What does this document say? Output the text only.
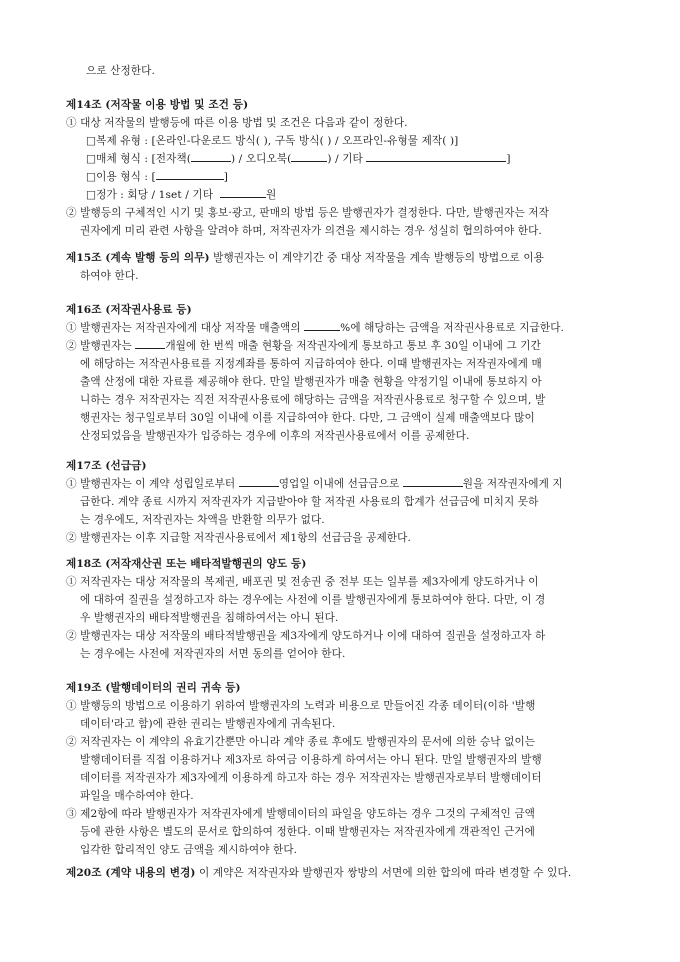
으로 산정한다.
제14조 (저작물 이용 방법 및 조건 등)
① 대상 저작물의 발행등에 따른 이용 방법 및 조건은 다음과 같이 정한다.
□복제 유형 : [온라인-다운로드 방식( ), 구독 방식( ) / 오프라인-유형물 제작( )]
□매체 형식 : [전자책(	) / 오디오북(	) / 기타	]
□이용 형식 : [	]
□정가 : 회당 / 1set / 기타	원
② 발행등의 구체적인 시기 및 홍보·광고, 판매의 방법 등은 발행권자가 결정한다. 다만, 발행권자는 저작
권자에게 미리 관련 사항을 알려야 하며, 저작권자가 의견을 제시하는 경우 성실히 협의하여야 한다.
제15조 (계속 발행 등의 의무) 발행권자는 이 계약기간 중 대상 저작물을 계속 발행등의 방법으로 이용
하여야 한다.
제16조 (저작권사용료 등)
① 발행권자는 저작권자에게 대상 저작물 매출액의	%에 해당하는 금액을 저작권사용료로 지급한다.
② 발행권자는	개월에 한 번씩 매출 현황을 저작권자에게 통보하고 통보 후 30일 이내에 그 기간
에 해당하는 저작권사용료를 지정계좌를 통하여 지급하여야 한다. 이때 발행권자는 저작권자에게 매
출액 산정에 대한 자료를 제공해야 한다. 만일 발행권자가 매출 현황을 약정기일 이내에 통보하지 아
니하는 경우 저작권자는 직전 저작권사용료에 해당하는 금액을 저작권사용료로 청구할 수 있으며, 발
행권자는 청구일로부터 30일 이내에 이를 지급하여야 한다. 다만, 그 금액이 실제 매출액보다 많이
산정되었음을 발행권자가 입증하는 경우에 이후의 저작권사용료에서 이를 공제한다.
제17조 (선급금)
① 발행권자는 이 계약 성립일로부터	영업일 이내에 선급금으로	원을 저작권자에게 지
급한다. 계약 종료 시까지 저작권자가 지급받아야 할 저작권 사용료의 합계가 선급금에 미치지 못하
는 경우에도, 저작권자는 차액을 반환할 의무가 없다.
② 발행권자는 이후 지급할 저작권사용료에서 제1항의 선급금을 공제한다.
제18조 (저작재산권 또는 배타적발행권의 양도 등)
① 저작권자는 대상 저작물의 복제권, 배포권 및 전송권 중 전부 또는 일부를 제3자에게 양도하거나 이
에 대하여 질권을 설정하고자 하는 경우에는 사전에 이를 발행권자에게 통보하여야 한다. 다만, 이 경
우 발행권자의 배타적발행권을 침해하여서는 아니 된다.
② 발행권자는 대상 저작물의 배타적발행권을 제3자에게 양도하거나 이에 대하여 질권을 설정하고자 하
는 경우에는 사전에 저작권자의 서면 동의를 얻어야 한다.
제19조 (발행데이터의 권리 귀속 등)
① 발행등의 방법으로 이용하기 위하여 발행권자의 노력과 비용으로 만들어진 각종 데이터(이하 '발행
데이터'라고 함)에 관한 권리는 발행권자에게 귀속된다.
② 저작권자는 이 계약의 유효기간뿐만 아니라 계약 종료 후에도 발행권자의 문서에 의한 승낙 없이는
발행데이터를 직접 이용하거나 제3자로 하여금 이용하게 하여서는 아니 된다. 만일 발행권자의 발행
데이터를 저작권자가 제3자에게 이용하게 하고자 하는 경우 저작권자는 발행권자로부터 발행데이터
파일을 매수하여야 한다.
③ 제2항에 따라 발행권자가 저작권자에게 발행데이터의 파일을 양도하는 경우 그것의 구체적인 금액
등에 관한 사항은 별도의 문서로 합의하여 정한다. 이때 발행권자는 저작권자에게 객관적인 근거에
입각한 합리적인 양도 금액을 제시하여야 한다.
제20조 (계약 내용의 변경) 이 계약은 저작권자와 발행권자 쌍방의 서면에 의한 합의에 따라 변경할 수 있다.
